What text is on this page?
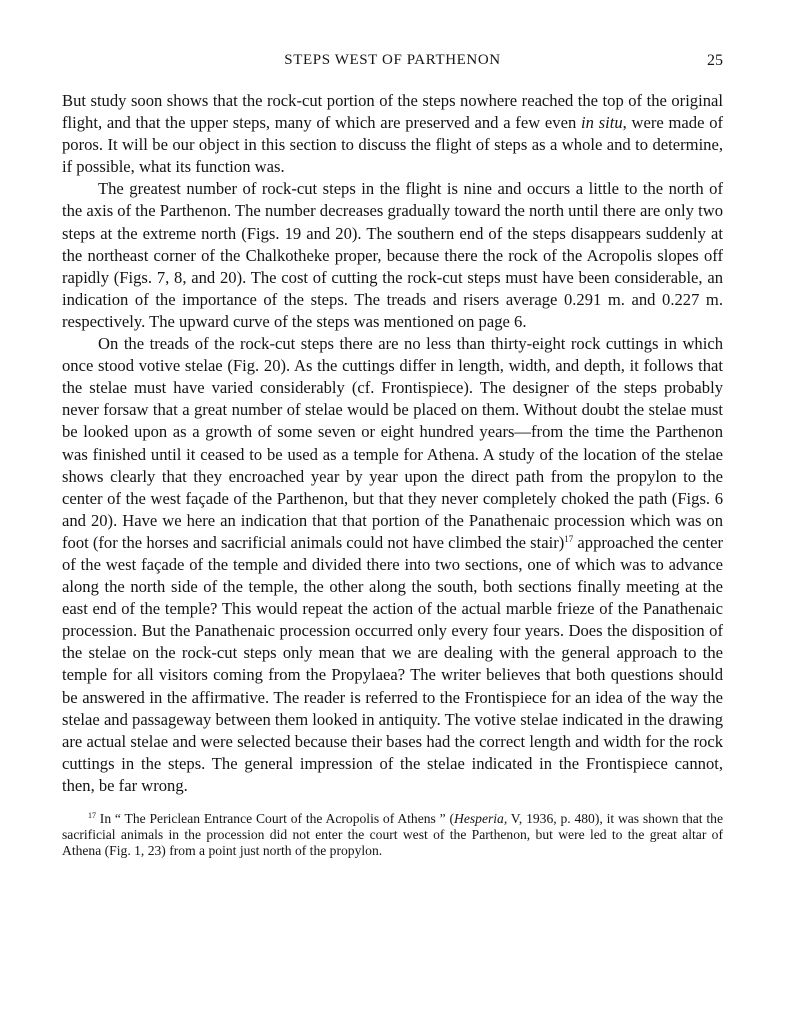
STEPS WEST OF PARTHENON	25

But study soon shows that the rock-cut portion of the steps nowhere reached the top of the original flight, and that the upper steps, many of which are preserved and a few even in situ, were made of poros. It will be our object in this section to discuss the flight of steps as a whole and to determine, if possible, what its function was.

The greatest number of rock-cut steps in the flight is nine and occurs a little to the north of the axis of the Parthenon. The number decreases gradually toward the north until there are only two steps at the extreme north (Figs. 19 and 20). The southern end of the steps disappears suddenly at the northeast corner of the Chalkotheke proper, because there the rock of the Acropolis slopes off rapidly (Figs. 7, 8, and 20). The cost of cutting the rock-cut steps must have been considerable, an indication of the importance of the steps. The treads and risers average 0.291 m. and 0.227 m. respectively. The upward curve of the steps was mentioned on page 6.

On the treads of the rock-cut steps there are no less than thirty-eight rock cuttings in which once stood votive stelae (Fig. 20). As the cuttings differ in length, width, and depth, it follows that the stelae must have varied considerably (cf. Frontispiece). The designer of the steps probably never forsaw that a great number of stelae would be placed on them. Without doubt the stelae must be looked upon as a growth of some seven or eight hundred years—from the time the Parthenon was finished until it ceased to be used as a temple for Athena. A study of the location of the stelae shows clearly that they encroached year by year upon the direct path from the propylon to the center of the west façade of the Parthenon, but that they never completely choked the path (Figs. 6 and 20). Have we here an indication that that portion of the Panathenaic procession which was on foot (for the horses and sacrificial animals could not have climbed the stair)$^{17}$ approached the center of the west façade of the temple and divided there into two sections, one of which was to advance along the north side of the temple, the other along the south, both sections finally meeting at the east end of the temple? This would repeat the action of the actual marble frieze of the Panathenaic procession. But the Panathenaic procession occurred only every four years. Does the disposition of the stelae on the rock-cut steps only mean that we are dealing with the general approach to the temple for all visitors coming from the Propylaea? The writer believes that both questions should be answered in the affirmative. The reader is referred to the Frontispiece for an idea of the way the stelae and passageway between them looked in antiquity. The votive stelae indicated in the drawing are actual stelae and were selected because their bases had the correct length and width for the rock cuttings in the steps. The general impression of the stelae indicated in the Frontispiece cannot, then, be far wrong.

$^{17}$ In “ The Periclean Entrance Court of the Acropolis of Athens ” (Hesperia, V, 1936, p. 480), it was shown that the sacrificial animals in the procession did not enter the court west of the Parthenon, but were led to the great altar of Athena (Fig. 1, 23) from a point just north of the propylon.
